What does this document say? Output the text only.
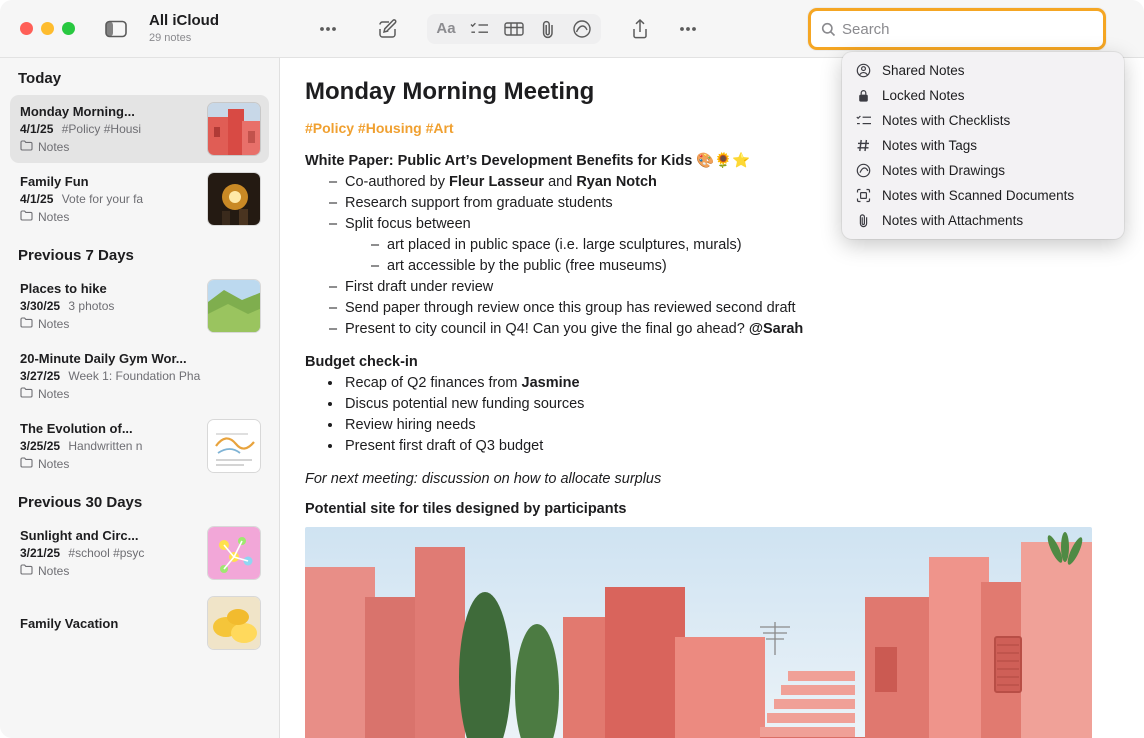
All iCloud
29 notes
Aa	Search
Today
Monday Morning...
4/1/25 #Policy #Housi
Notes
Family Fun
4/1/25 Vote for your fa
Notes
Previous 7 Days
Places to hike
3/30/25 3 photos
Notes
20-Minute Daily Gym Wor...
3/27/25 Week 1: Foundation Pha
Notes
The Evolution of...
3/25/25 Handwritten n
Notes
Previous 30 Days
Sunlight and Circ...
3/21/25 #school #psyc
Notes
Family Vacation
Monday Morning Meeting
#Policy #Housing #Art
White Paper: Public Art’s Development Benefits for Kids 🎨🌻⭐
– Co-authored by Fleur Lasseur and Ryan Notch
– Research support from graduate students
– Split focus between
– art placed in public space (i.e. large sculptures, murals)
– art accessible by the public (free museums)
– First draft under review
– Send paper through review once this group has reviewed second draft
– Present to city council in Q4! Can you give the final go ahead? @Sarah
Budget check-in
• Recap of Q2 finances from Jasmine
• Discus potential new funding sources
• Review hiring needs
• Present first draft of Q3 budget
For next meeting: discussion on how to allocate surplus
Potential site for tiles designed by participants
Shared Notes
Locked Notes
Notes with Checklists
Notes with Tags
Notes with Drawings
Notes with Scanned Documents
Notes with Attachments
